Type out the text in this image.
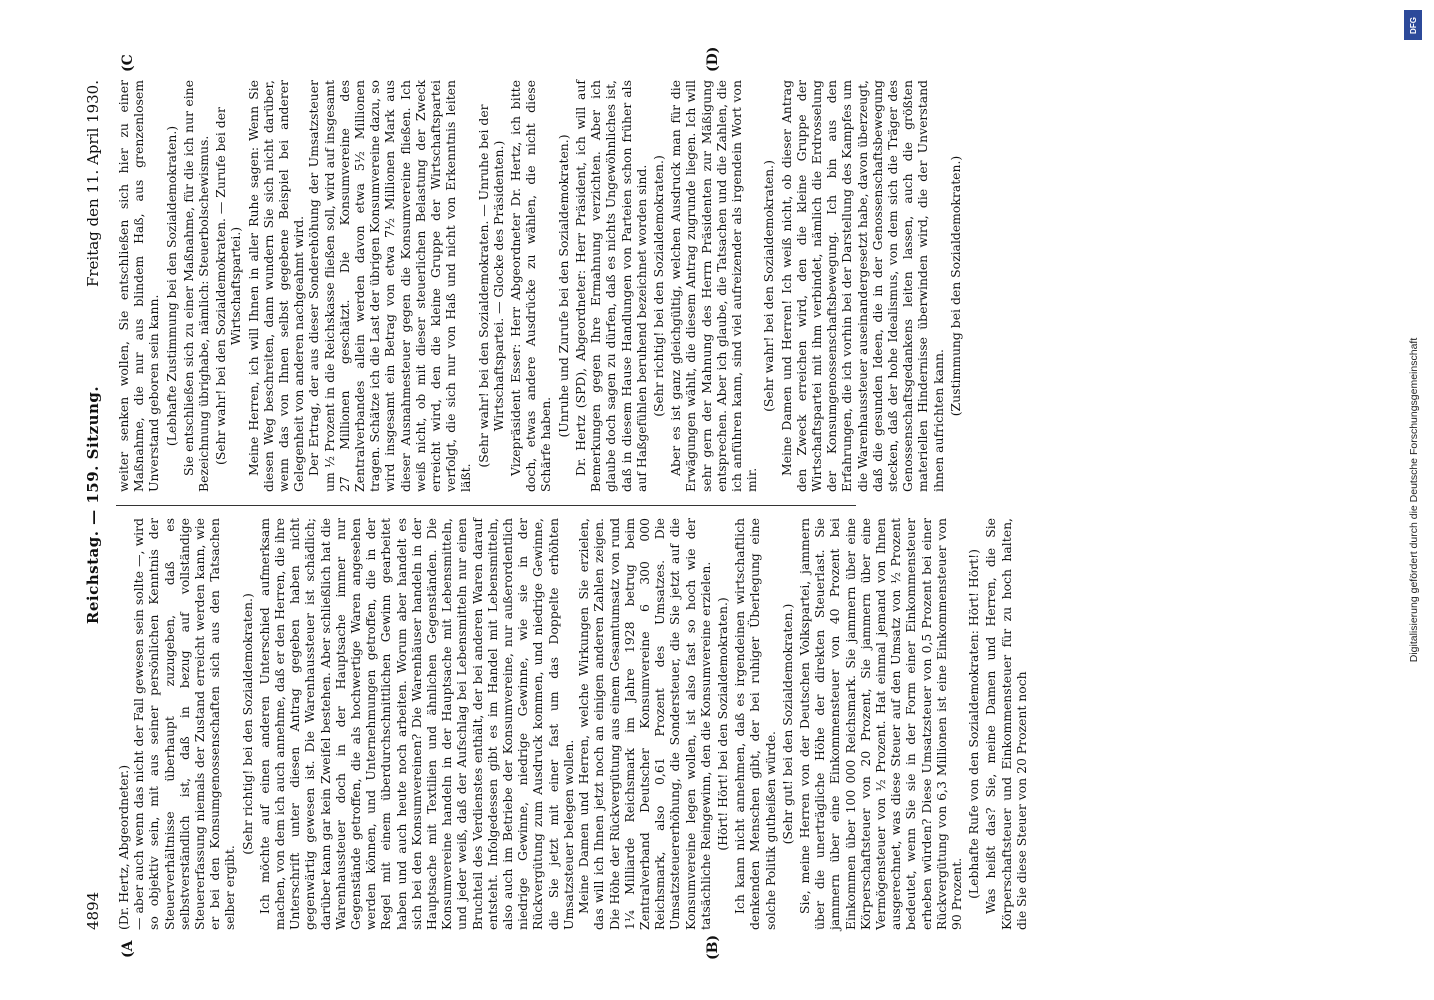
4894
Reichstag. — 159. Sitzung.
Freitag den 11. April 1930.

(Dr. Hertz, Abgeordneter.) — aber auch wenn das nicht der Fall gewesen sein sollte —, wird so objektiv sein, mit aus seiner persönlichen Kenntnis der Steuerverhältnisse überhaupt zuzugeben, daß es selbstverständlich ist, daß in bezug auf vollständige Steuererfassung niemals der Zustand erreicht werden kann, wie er bei den Konsumgenossenschaften sich aus den Tatsachen selber ergibt.

(Sehr richtig! bei den Sozialdemokraten.) Ich möchte auf einen anderen Unterschied aufmerksam machen, von dem ich auch annehme, daß er den Herren, die ihre Unterschrift unter diesen Antrag gegeben haben nicht gegenwärtig gewesen ist. Die Warenhaussteuer ist schädlich; darüber kann gar kein Zweifel bestehen. Aber schließlich hat die Warenhaussteuer doch in der Hauptsache immer nur Gegenstände getroffen, die als hochwertige Waren angesehen werden können, und Unternehmungen getroffen, die in der Regel mit einem überdurchschnittlichen Gewinn gearbeitet haben und auch heute noch arbeiten. Worum aber handelt es sich bei den Konsumvereinen? Die Warenhäuser handeln in der Hauptsache mit Textilien und ähnlichen Gegenständen. Die Konsumvereine handeln in der Hauptsache mit Lebensmitteln, und jeder weiß, daß der Aufschlag bei Lebensmitteln nur einen Bruchteil des Verdienstes enthält, der bei anderen Waren darauf entsteht. Infolgedessen gibt es im Handel mit Lebensmitteln, also auch im Betriebe der Konsumvereine, nur außerordentlich niedrige Gewinne, niedrige Gewinne, wie sie in der Rückvergütung zum Ausdruck kommen, und niedrige Gewinne, die Sie jetzt mit einer fast um das Doppelte erhöhten Umsatzsteuer belegen wollen. Meine Damen und Herren, welche Wirkungen Sie erzielen, das will ich Ihnen jetzt noch an einigen anderen Zahlen zeigen. Die Höhe der Rückvergütung aus einem Gesamtumsatz von rund 1¼ Milliarde Reichsmark im Jahre 1928 betrug beim Zentralverband Deutscher Konsumvereine 6 300 000 Reichsmark, also 0,61 Prozent des Umsatzes. Die Umsatzsteuererhöhung, die Sondersteuer, die Sie jetzt auf die Konsumvereine legen wollen, ist also fast so hoch wie der tatsächliche Reingewinn, den die Konsumvereine erzielen. (Hört! Hört! bei den Sozialdemokraten.) Ich kann nicht annehmen, daß es irgendeinen wirtschaftlich denkenden Menschen gibt, der bei ruhiger Überlegung eine solche Politik gutheißen würde. (Sehr gut! bei den Sozialdemokraten.) Sie, meine Herren von der Deutschen Volkspartei, jammern über die unerträgliche Höhe der direkten Steuerlast. Sie jammern über eine Einkommensteuer von 40 Prozent bei Einkommen über 100 000 Reichsmark. Sie jammern über eine Körperschaftsteuer von 20 Prozent, Sie jammern über eine Vermögensteuer von ½ Prozent. Hat einmal jemand von Ihnen ausgerechnet, was diese Steuer auf den Umsatz von ½ Prozent bedeutet, wenn Sie sie in der Form einer Einkommensteuer erheben würden? Diese Umsatzsteuer von 0,5 Prozent bei einer Rückvergütung von 6,3 Millionen ist eine Einkommensteuer von 90 Prozent. (Lebhafte Rufe von den Sozialdemokraten: Hört! Hört!) Was heißt das? Sie, meine Damen und Herren, die Sie Körperschaftsteuer und Einkommensteuer für zu hoch halten, die Sie diese Steuer von 20 Prozent noch

weiter senken wollen, Sie entschließen sich hier zu einer Maßnahme, die nur aus blindem Haß, aus grenzenlosem Unverstand geboren sein kann. (Lebhafte Zustimmung bei den Sozialdemokraten.) Sie entschließen sich zu einer Maßnahme, für die ich nur eine Bezeichnung übrighabe, nämlich: Steuerbolschewismus. (Sehr wahr! bei den Sozialdemokraten. — Zurufe bei der Wirtschaftspartei.) Meine Herren, ich will Ihnen in aller Ruhe sagen: Wenn Sie diesen Weg beschreiten, dann wundern Sie sich nicht darüber, wenn das von Ihnen selbst gegebene Beispiel bei anderer Gelegenheit von anderen nachgeahmt wird. Der Ertrag, der aus dieser Sonderehöhung der Umsatzsteuer um ½ Prozent in die Reichskasse fließen soll, wird auf insgesamt 27 Millionen geschätzt. Die Konsumvereine des Zentralverbandes allein werden davon etwa 5½ Millionen tragen. Schätze ich die Last der übrigen Konsumvereine dazu, so wird insgesamt ein Betrag von etwa 7½ Millionen Mark aus dieser Ausnahmesteuer gegen die Konsumvereine fließen. Ich weiß nicht, ob mit dieser steuerlichen Belastung der Zweck erreicht wird, den die kleine Gruppe der Wirtschaftspartei verfolgt, die sich nur von Haß und nicht von Erkenntnis leiten läßt.

(Sehr wahr! bei den Sozialdemokraten. — Unruhe bei der Wirtschaftspartei. — Glocke des Präsidenten.) Vizepräsident Esser: Herr Abgeordneter Dr. Hertz, ich bitte doch, etwas andere Ausdrücke zu wählen, die nicht diese Schärfe haben.

(Unruhe und Zurufe bei den Sozialdemokraten.) Dr. Hertz (SPD), Abgeordneter: Herr Präsident, ich will auf Bemerkungen gegen Ihre Ermahnung verzichten. Aber ich glaube doch sagen zu dürfen, daß es nichts Ungewöhnliches ist, daß in diesem Hause Handlungen von Parteien schon früher als auf Haßgefühlen beruhend bezeichnet worden sind. (Sehr richtig! bei den Sozialdemokraten.) Aber es ist ganz gleichgültig, welchen Ausdruck man für die Erwägungen wählt, die diesem Antrag zugrunde liegen. Ich will sehr gern der Mahnung des Herrn Präsidenten zur Mäßigung entsprechen. Aber ich glaube, die Tatsachen und die Zahlen, die ich anführen kann, sind viel aufreizender als irgendein Wort von mir.

(Sehr wahr! bei den Sozialdemokraten.) Meine Damen und Herren! Ich weiß nicht, ob dieser Antrag den Zweck erreichen wird, den die kleine Gruppe der Wirtschaftspartei mit ihm verbindet, nämlich die Erdrosselung der Konsumgenossenschaftsbewegung. Ich bin aus den Erfahrungen, die ich vorhin bei der Darstellung des Kampfes um die Warenhaussteuer auseinandergesetzt habe, davon überzeugt, daß die gesunden Ideen, die in der Genossenschaftsbewegung stecken, daß der hohe Idealismus, von dem sich die Träger des Genossenschaftsgedankens leiten lassen, auch die größten materiellen Hindernisse überwinden wird, die der Unverstand ihnen aufrichten kann.

(Zustimmung bei den Sozialdemokraten.)

(A	(B)
(C	(D)
Digitalisierung gefördert durch die Deutsche Forschungsgemeinschaft
DFG
